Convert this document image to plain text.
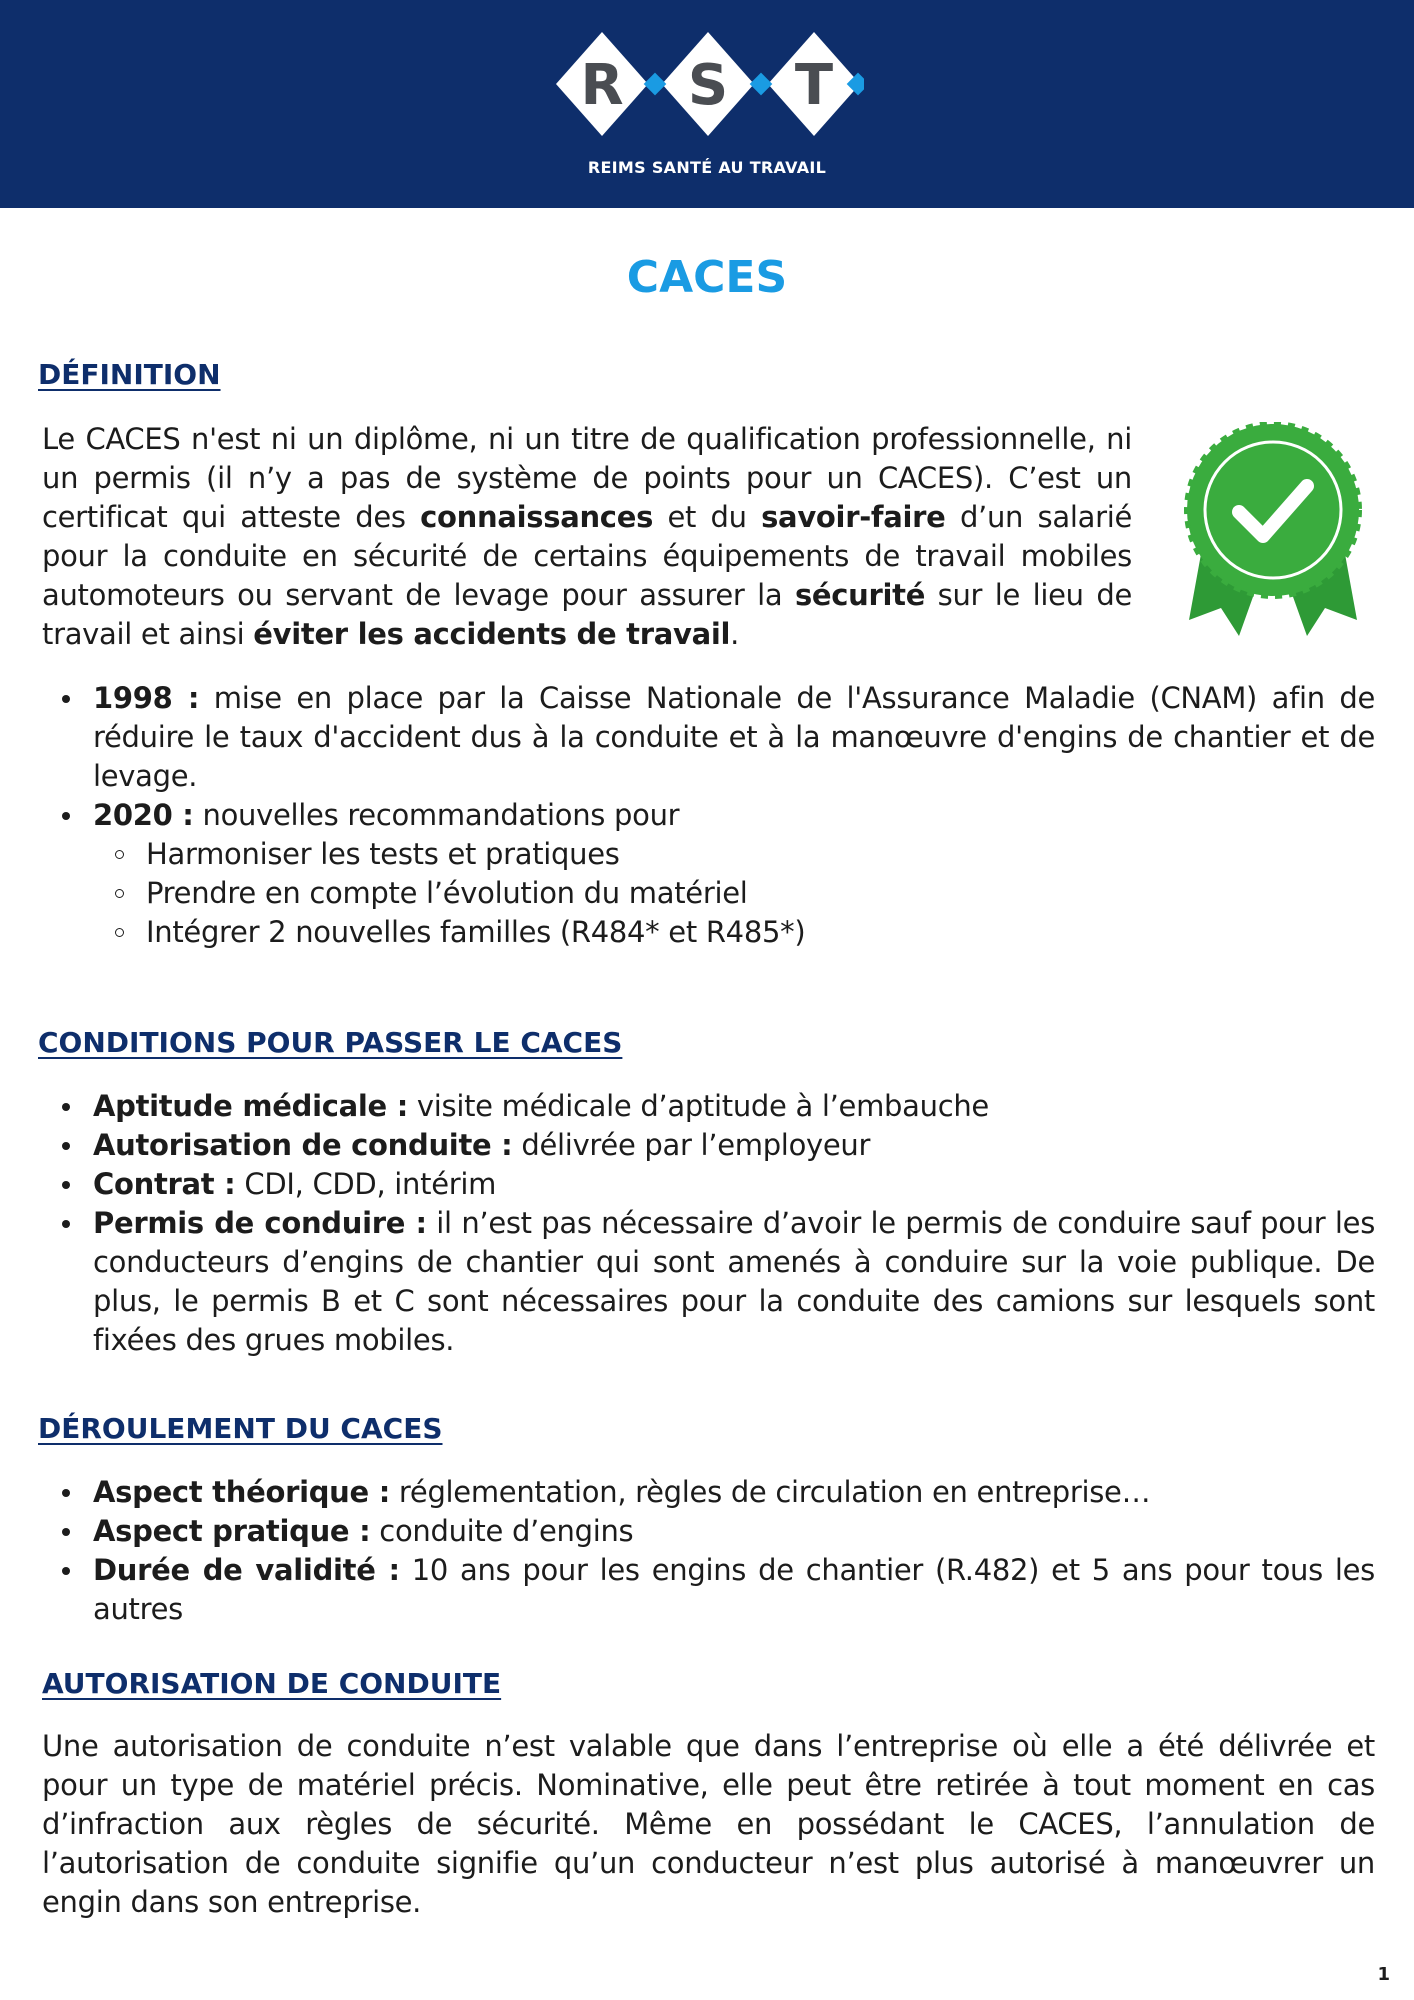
R S T
REIMS SANTÉ AU TRAVAIL
CACES
DÉFINITION

Le CACES n'est ni un diplôme, ni un titre de qualification professionnelle, ni un permis (il n’y a pas de système de points pour un CACES). C’est un certificat qui atteste des connaissances et du savoir-faire d’un salarié pour la conduite en sécurité de certains équipements de travail mobiles automoteurs ou servant de levage pour assurer la sécurité sur le lieu de travail et ainsi éviter les accidents de travail.

1998 : mise en place par la Caisse Nationale de l'Assurance Maladie (CNAM) afin de réduire le taux d'accident dus à la conduite et à la manœuvre d'engins de chantier et de levage.
2020 : nouvelles recommandations pour
Harmoniser les tests et pratiques
Prendre en compte l’évolution du matériel
Intégrer 2 nouvelles familles (R484* et R485*)
CONDITIONS POUR PASSER LE CACES
Aptitude médicale : visite médicale d’aptitude à l’embauche
Autorisation de conduite : délivrée par l’employeur
Contrat : CDI, CDD, intérim
Permis de conduire : il n’est pas nécessaire d’avoir le permis de conduire sauf pour les conducteurs d’engins de chantier qui sont amenés à conduire sur la voie publique. De plus, le permis B et C sont nécessaires pour la conduite des camions sur lesquels sont fixées des grues mobiles.
DÉROULEMENT DU CACES
Aspect théorique : réglementation, règles de circulation en entreprise…
Aspect pratique : conduite d’engins
Durée de validité : 10 ans pour les engins de chantier (R.482) et 5 ans pour tous les autres
AUTORISATION DE CONDUITE

Une autorisation de conduite n’est valable que dans l’entreprise où elle a été délivrée et pour un type de matériel précis. Nominative, elle peut être retirée à tout moment en cas d’infraction aux règles de sécurité. Même en possédant le CACES, l’annulation de l’autorisation de conduite signifie qu’un conducteur n’est plus autorisé à manœuvrer un engin dans son entreprise.

1
